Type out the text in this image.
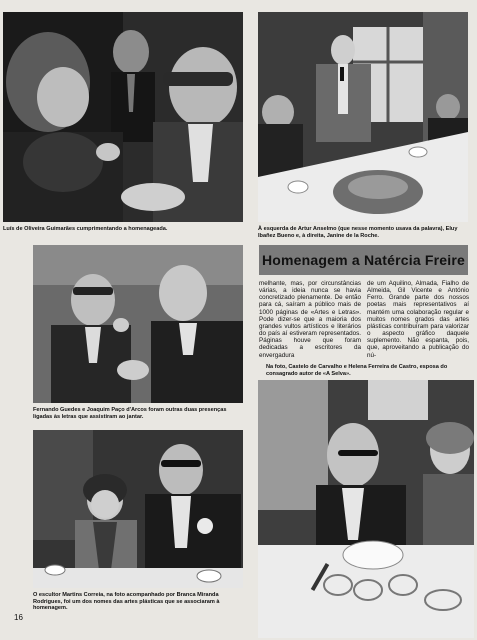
Luís de Oliveira Guimarães cumprimentando a homenageada.	À esquerda de Artur Anselmo (que nesse momento usava da palavra), Eluy Ibañez Bueno e, à direita, Janine de la Roche.
Fernando Guedes e Joaquim Paço d'Arcos foram outras duas presenças ligadas às letras que assistiram ao jantar.
O escultor Martins Correia, na foto acompanhado por Branca Miranda Rodrigues, foi um dos nomes das artes plásticas que se associaram à homenagem.
Homenagem a Natércia Freire

melhante, mas, por circunstâncias várias, a ideia nunca se havia concretizado plenamente. De então para cá, saíram a público mais de 1000 páginas de «Artes e Letras». Pode dizer-se que a maioria dos grandes vultos artísticos e literários do país aí estiveram representados. Páginas houve que foram dedicadas a escritores da envergadura

de um Aquilino, Almada, Fialho de Almeida, Gil Vicente e António Ferro. Grande parte dos nossos poetas mais representativos aí mantém uma colaboração regular e muitos nomes grados das artes plásticas contribuíram para valorizar o aspecto gráfico daquele suplemento. Não espanta, pois, que, aproveitando a publicação do nú-

Na foto, Castelo de Carvalho e Helena Ferreira de Castro, esposa do consagrado autor de «A Selva».
16
